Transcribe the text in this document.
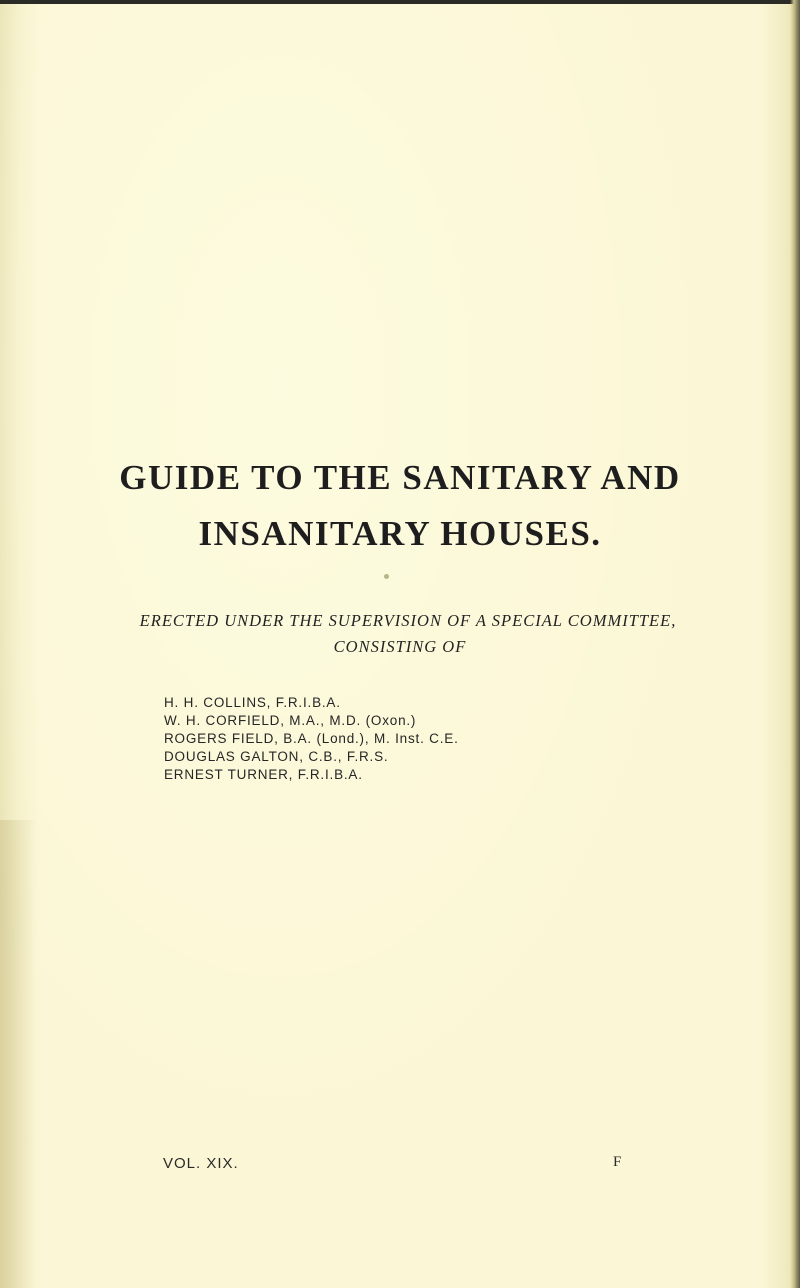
GUIDE TO THE SANITARY AND
INSANITARY HOUSES.
ERECTED UNDER THE SUPERVISION OF A SPECIAL COMMITTEE,
CONSISTING OF
H. H. COLLINS, F.R.I.B.A.
W. H. CORFIELD, M.A., M.D. (Oxon.)
ROGERS FIELD, B.A. (Lond.), M. Inst. C.E.
DOUGLAS GALTON, C.B., F.R.S.
ERNEST TURNER, F.R.I.B.A.
VOL. XIX.	F
